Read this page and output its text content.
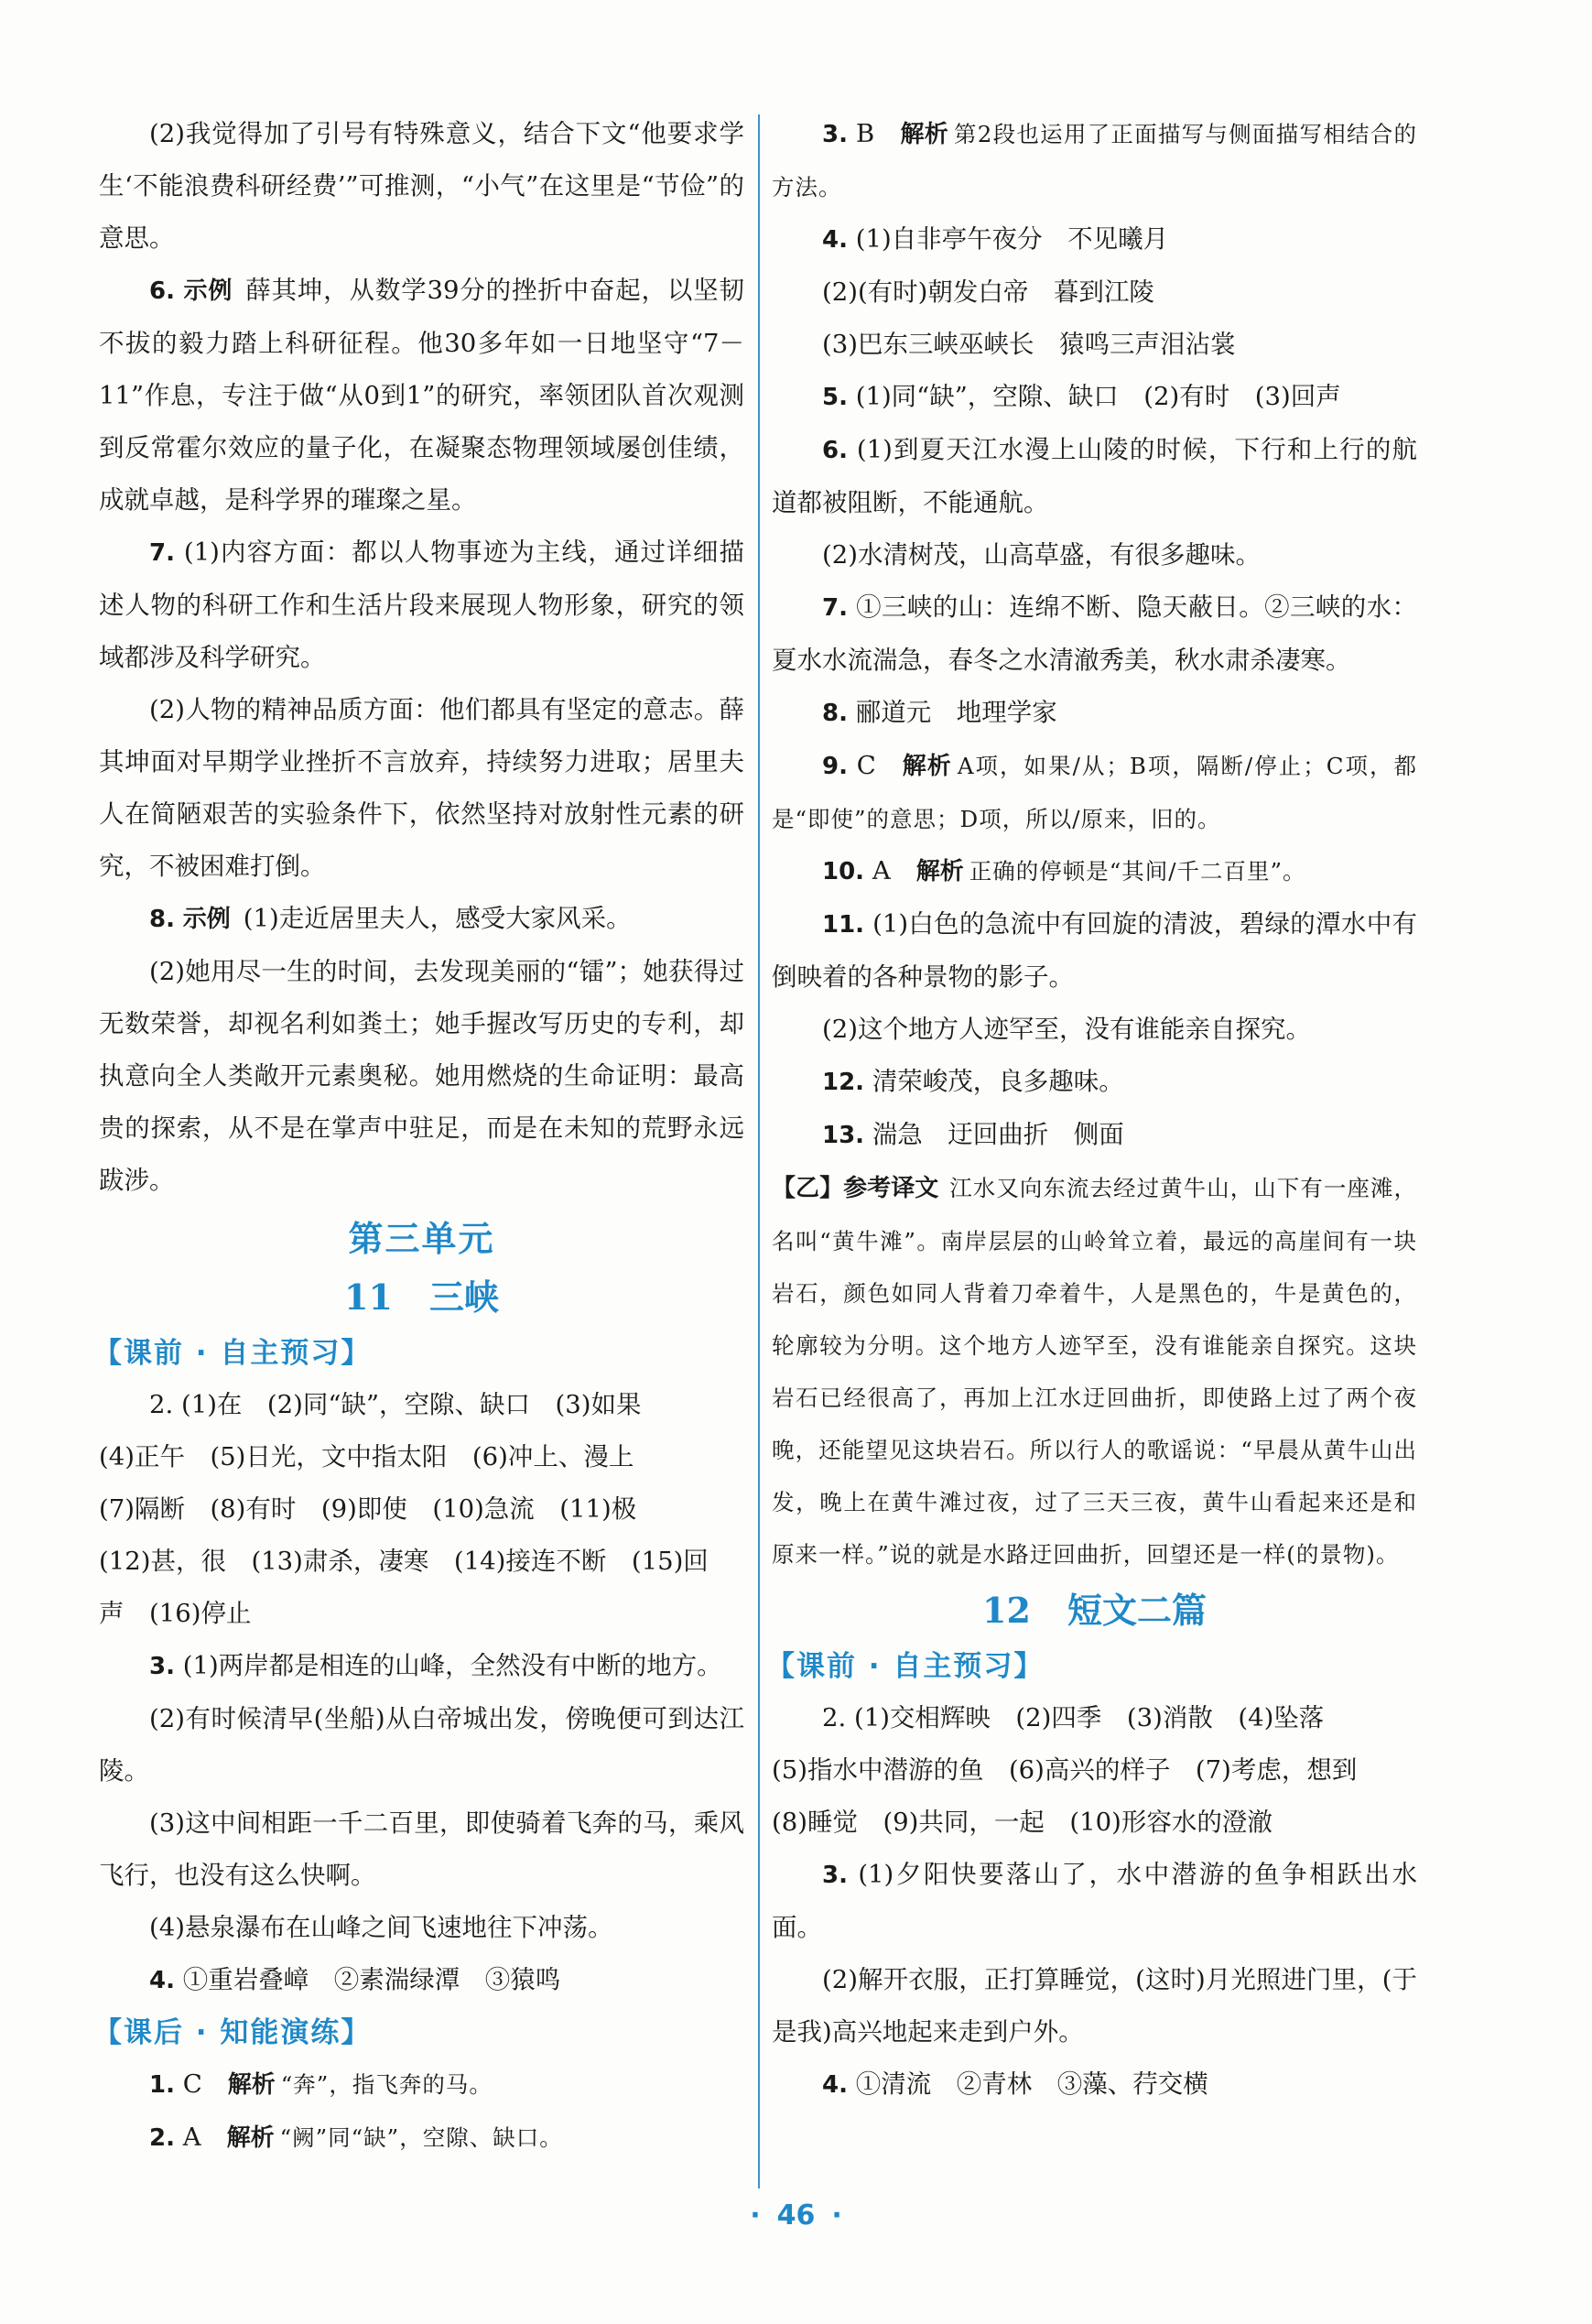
(2)我觉得加了引号有特殊意义，结合下文“他要求学生‘不能浪费科研经费’”可推测，“小气”在这里是“节俭”的意思。

6. 示例 薛其坤，从数学39分的挫折中奋起，以坚韧不拔的毅力踏上科研征程。他30多年如一日地坚守“7－11”作息，专注于做“从0到1”的研究，率领团队首次观测到反常霍尔效应的量子化，在凝聚态物理领域屡创佳绩，成就卓越，是科学界的璀璨之星。

7. (1)内容方面：都以人物事迹为主线，通过详细描述人物的科研工作和生活片段来展现人物形象，研究的领域都涉及科学研究。

(2)人物的精神品质方面：他们都具有坚定的意志。薛其坤面对早期学业挫折不言放弃，持续努力进取；居里夫人在简陋艰苦的实验条件下，依然坚持对放射性元素的研究，不被困难打倒。

8. 示例 (1)走近居里夫人，感受大家风采。

(2)她用尽一生的时间，去发现美丽的“镭”；她获得过无数荣誉，却视名利如粪土；她手握改写历史的专利，却执意向全人类敞开元素奥秘。她用燃烧的生命证明：最高贵的探索，从不是在掌声中驻足，而是在未知的荒野永远跋涉。

第三单元
11 三峡
【课前 · 自主预习】

2. (1)在　(2)同“缺”，空隙、缺口　(3)如果

(4)正午　(5)日光，文中指太阳　(6)冲上、漫上

(7)隔断　(8)有时　(9)即使　(10)急流　(11)极

(12)甚，很　(13)肃杀，凄寒　(14)接连不断　(15)回

声　(16)停止

3. (1)两岸都是相连的山峰，全然没有中断的地方。

(2)有时候清早(坐船)从白帝城出发，傍晚便可到达江陵。

(3)这中间相距一千二百里，即使骑着飞奔的马，乘风飞行，也没有这么快啊。

(4)悬泉瀑布在山峰之间飞速地往下冲荡。

4. ①重岩叠嶂　②素湍绿潭　③猿鸣

【课后 · 知能演练】

1. C 解析 “奔”，指飞奔的马。

2. A 解析 “阙”同“缺”，空隙、缺口。

3. B 解析 第2段也运用了正面描写与侧面描写相结合的方法。

4. (1)自非亭午夜分　不见曦月

(2)(有时)朝发白帝　暮到江陵

(3)巴东三峡巫峡长　猿鸣三声泪沾裳

5. (1)同“缺”，空隙、缺口　(2)有时　(3)回声

6. (1)到夏天江水漫上山陵的时候，下行和上行的航道都被阻断，不能通航。

(2)水清树茂，山高草盛，有很多趣味。

7. ①三峡的山：连绵不断、隐天蔽日。②三峡的水：夏水水流湍急，春冬之水清澈秀美，秋水肃杀凄寒。

8. 郦道元　地理学家

9. C 解析 A项，如果/从；B项，隔断/停止；C项，都是“即使”的意思；D项，所以/原来，旧的。

10. A 解析 正确的停顿是“其间/千二百里”。

11. (1)白色的急流中有回旋的清波，碧绿的潭水中有倒映着的各种景物的影子。

(2)这个地方人迹罕至，没有谁能亲自探究。

12. 清荣峻茂，良多趣味。

13. 湍急　迂回曲折　侧面

【乙】参考译文 江水又向东流去经过黄牛山，山下有一座滩，名叫“黄牛滩”。南岸层层的山岭耸立着，最远的高崖间有一块岩石，颜色如同人背着刀牵着牛，人是黑色的，牛是黄色的，轮廓较为分明。这个地方人迹罕至，没有谁能亲自探究。这块岩石已经很高了，再加上江水迂回曲折，即使路上过了两个夜晚，还能望见这块岩石。所以行人的歌谣说：“早晨从黄牛山出发，晚上在黄牛滩过夜，过了三天三夜，黄牛山看起来还是和原来一样。”说的就是水路迂回曲折，回望还是一样(的景物)。

12 短文二篇
【课前 · 自主预习】

2. (1)交相辉映　(2)四季　(3)消散　(4)坠落

(5)指水中潜游的鱼　(6)高兴的样子　(7)考虑，想到

(8)睡觉　(9)共同，一起　(10)形容水的澄澈

3. (1)夕阳快要落山了，水中潜游的鱼争相跃出水面。

(2)解开衣服，正打算睡觉，(这时)月光照进门里，(于是我)高兴地起来走到户外。

4. ①清流　②青林　③藻、荇交横

· 46 ·
